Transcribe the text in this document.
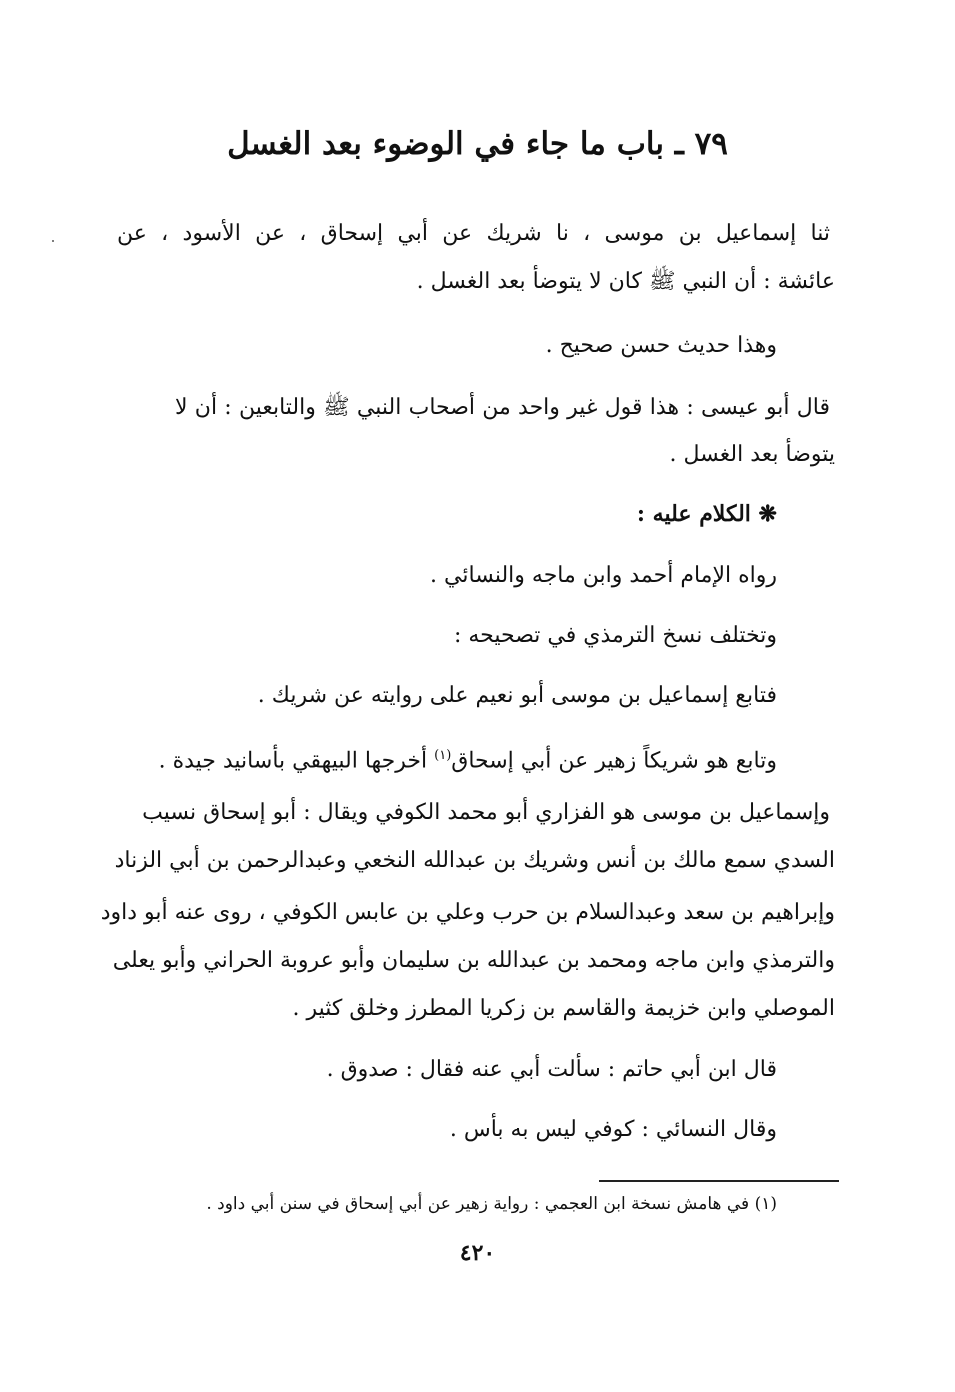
٧٩ ـ باب ما جاء في الوضوء بعد الغسل
ثنا إسماعيل بن موسى ، نا شريك عن أبي إسحاق ، عن الأسود ، عن
عائشة : أن النبي ﷺ كان لا يتوضأ بعد الغسل .
وهذا حديث حسن صحيح .
قال أبو عيسى : هذا قول غير واحد من أصحاب النبي ﷺ والتابعين : أن لا
يتوضأ بعد الغسل .
❋ الكلام عليه :
رواه الإمام أحمد وابن ماجه والنسائي .
وتختلف نسخ الترمذي في تصحيحه :
فتابع إسماعيل بن موسى أبو نعيم على روايته عن شريك .
وتابع هو شريكاً زهير عن أبي إسحاق$^{(١)}$ أخرجها البيهقي بأسانيد جيدة .
وإسماعيل بن موسى هو الفزاري أبو محمد الكوفي ويقال : أبو إسحاق نسيب
السدي سمع مالك بن أنس وشريك بن عبدالله النخعي وعبدالرحمن بن أبي الزناد
وإبراهيم بن سعد وعبدالسلام بن حرب وعلي بن عابس الكوفي ، روى عنه أبو داود
والترمذي وابن ماجه ومحمد بن عبدالله بن سليمان وأبو عروبة الحراني وأبو يعلى
الموصلي وابن خزيمة والقاسم بن زكريا المطرز وخلق كثير .
قال ابن أبي حاتم : سألت أبي عنه فقال : صدوق .
وقال النسائي : كوفي ليس به بأس .
(١) في هامش نسخة ابن العجمي : رواية زهير عن أبي إسحاق في سنن أبي داود .
٤٢٠
